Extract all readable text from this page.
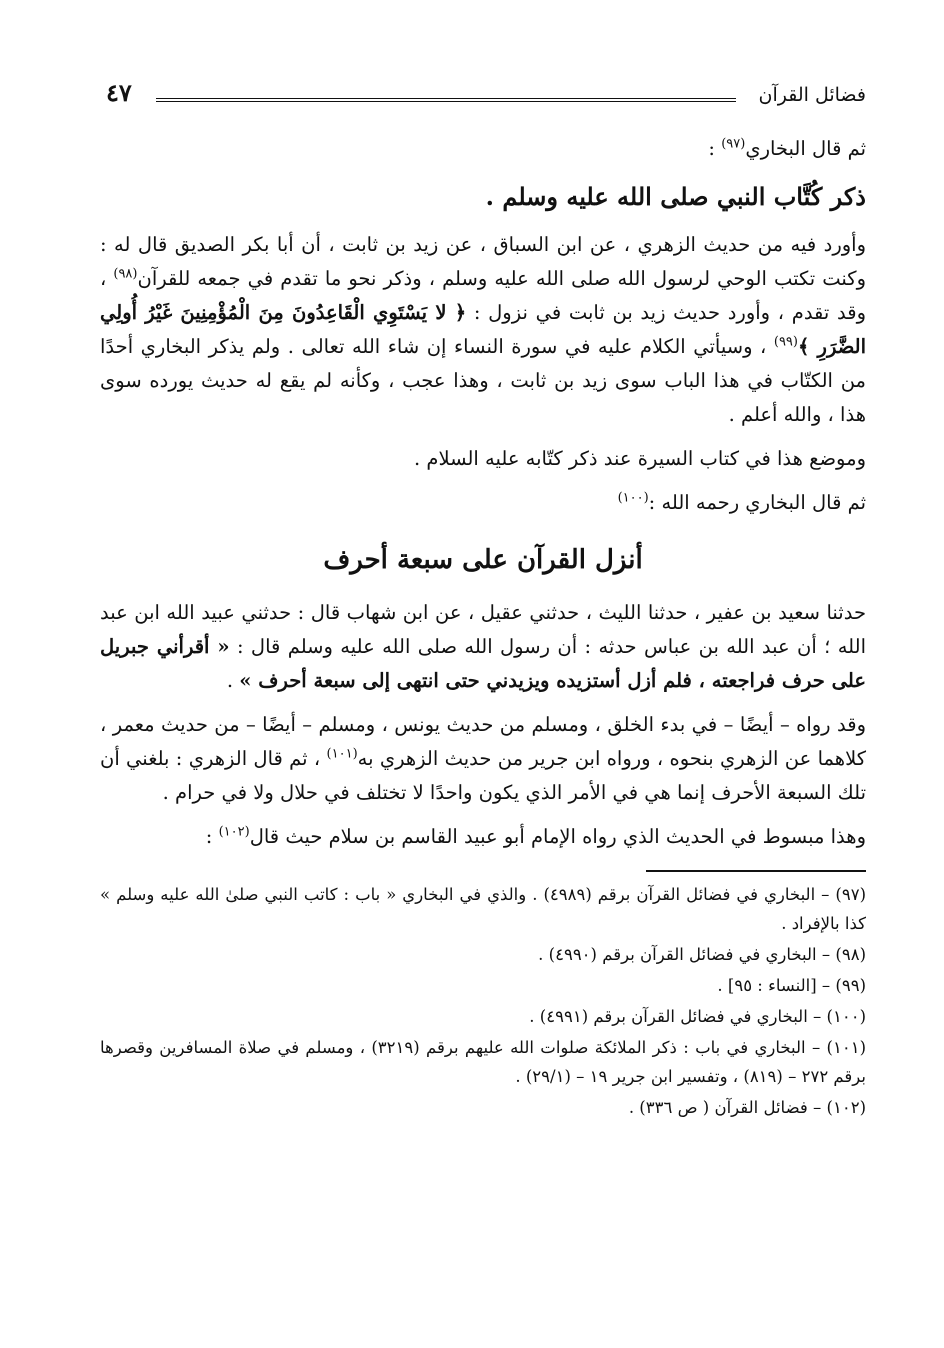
فضائل القرآن
٤٧

ثم قال البخاري$^{(٩٧)}$ :

ذكر كُتَّاب النبي صلى الله عليه وسلم .

وأورد فيه من حديث الزهري ، عن ابن السباق ، عن زيد بن ثابت ، أن أبا بكر الصديق قال له : وكنت تكتب الوحي لرسول الله صلى الله عليه وسلم ، وذكر نحو ما تقدم في جمعه للقرآن$^{(٩٨)}$ ، وقد تقدم ، وأورد حديث زيد بن ثابت في نزول : ﴿ لا يَسْتَوِي الْقَاعِدُونَ مِنَ الْمُؤْمِنِينَ غَيْرُ أُولِي الضَّرَرِ ﴾$^{(٩٩)}$ ، وسيأتي الكلام عليه في سورة النساء إن شاء الله تعالى . ولم يذكر البخاري أحدًا من الكتّاب في هذا الباب سوى زيد بن ثابت ، وهذا عجب ، وكأنه لم يقع له حديث يورده سوى هذا ، والله أعلم .

وموضع هذا في كتاب السيرة عند ذكر كتّابه عليه السلام .

ثم قال البخاري رحمه الله :$^{(١٠٠)}$

أنزل القرآن على سبعة أحرف

حدثنا سعيد بن عفير ، حدثنا الليث ، حدثني عقيل ، عن ابن شهاب قال : حدثني عبيد الله ابن عبد الله ؛ أن عبد الله بن عباس حدثه : أن رسول الله صلى الله عليه وسلم قال : « أقرأني جبريل على حرف فراجعته ، فلم أزل أستزيده ويزيدني حتى انتهى إلى سبعة أحرف » .

وقد رواه – أيضًا – في بدء الخلق ، ومسلم من حديث يونس ، ومسلم – أيضًا – من حديث معمر ، كلاهما عن الزهري بنحوه ، ورواه ابن جرير من حديث الزهري به$^{(١٠١)}$ ، ثم قال الزهري : بلغني أن تلك السبعة الأحرف إنما هي في الأمر الذي يكون واحدًا لا تختلف في حلال ولا في حرام .

وهذا مبسوط في الحديث الذي رواه الإمام أبو عبيد القاسم بن سلام حيث قال$^{(١٠٢)}$ :

(٩٧) – البخاري في فضائل القرآن برقم (٤٩٨٩) . والذي في البخاري « باب : كاتب النبي صلىٰ الله عليه وسلم » كذا بالإفراد .

(٩٨) – البخاري في فضائل القرآن برقم (٤٩٩٠) .

(٩٩) – [النساء : ٩٥] .

(١٠٠) – البخاري في فضائل القرآن برقم (٤٩٩١) .

(١٠١) – البخاري في باب : ذكر الملائكة صلوات الله عليهم برقم (٣٢١٩) ، ومسلم في صلاة المسافرين وقصرها برقم ٢٧٢ – (٨١٩) ، وتفسير ابن جرير ١٩ – (٢٩/١) .

(١٠٢) – فضائل القرآن ( ص ٣٣٦) .
